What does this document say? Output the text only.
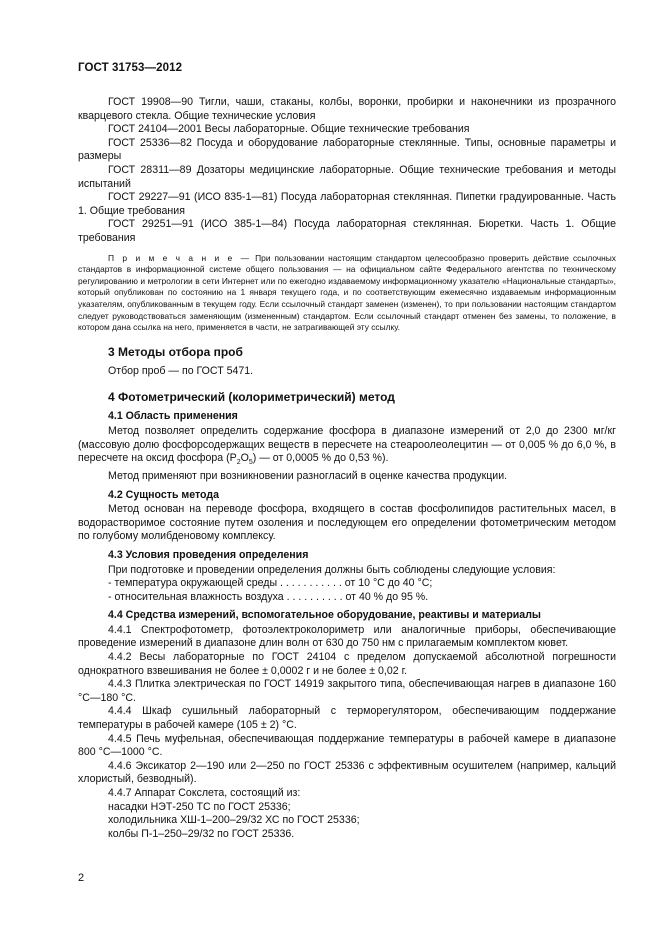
ГОСТ 31753—2012

ГОСТ 19908—90 Тигли, чаши, стаканы, колбы, воронки, пробирки и наконечники из прозрачного кварцевого стекла. Общие технические условия

ГОСТ 24104—2001 Весы лабораторные. Общие технические требования

ГОСТ 25336—82 Посуда и оборудование лабораторные стеклянные. Типы, основные параметры и размеры

ГОСТ 28311—89 Дозаторы медицинские лабораторные. Общие технические требования и методы испытаний

ГОСТ 29227—91 (ИСО 835-1—81) Посуда лабораторная стеклянная. Пипетки градуированные. Часть 1. Общие требования

ГОСТ 29251—91 (ИСО 385-1—84) Посуда лабораторная стеклянная. Бюретки. Часть 1. Общие требования

П р и м е ч а н и е — При пользовании настоящим стандартом целесообразно проверить действие ссылочных стандартов в информационной системе общего пользования — на официальном сайте Федерального агентства по техническому регулированию и метрологии в сети Интернет или по ежегодно издаваемому информационному указателю «Национальные стандарты», который опубликован по состоянию на 1 января текущего года, и по соответствующим ежемесячно издаваемым информационным указателям, опубликованным в текущем году. Если ссылочный стандарт заменен (изменен), то при пользовании настоящим стандартом следует руководствоваться заменяющим (измененным) стандартом. Если ссылочный стандарт отменен без замены, то положение, в котором дана ссылка на него, применяется в части, не затрагивающей эту ссылку.
3 Методы отбора проб
Отбор проб — по ГОСТ 5471.
4 Фотометрический (колориметрический) метод
4.1 Область применения

Метод позволяет определить содержание фосфора в диапазоне измерений от 2,0 до 2300 мг/кг (массовую долю фосфорсодержащих веществ в пересчете на стеароолеолецитин — от 0,005 % до 6,0 %, в пересчете на оксид фосфора $(P_2O_5)$ — от 0,0005 % до 0,53 %).

Метод применяют при возникновении разногласий в оценке качества продукции.

4.2 Сущность метода

Метод основан на переводе фосфора, входящего в состав фосфолипидов растительных масел, в водорастворимое состояние путем озоления и последующем его определении фотометрическим методом по голубому молибденовому комплексу.

4.3 Условия проведения определения

При подготовке и проведении определения должны быть соблюдены следующие условия:

- температура окружающей среды . . . . . . . . . . . от 10 °С до 40 °С;

- относительная влажность воздуха . . . . . . . . . . от 40 % до 95 %.

4.4 Средства измерений, вспомогательное оборудование, реактивы и материалы

4.4.1 Спектрофотометр, фотоэлектроколориметр или аналогичные приборы, обеспечивающие проведение измерений в диапазоне длин волн от 630 до 750 нм с прилагаемым комплектом кювет.

4.4.2 Весы лабораторные по ГОСТ 24104 с пределом допускаемой абсолютной погрешности однократного взвешивания не более ± 0,0002 г и не более ± 0,02 г.

4.4.3 Плитка электрическая по ГОСТ 14919 закрытого типа, обеспечивающая нагрев в диапазоне 160 °С—180 °С.

4.4.4 Шкаф сушильный лабораторный с терморегулятором, обеспечивающим поддержание температуры в рабочей камере (105 ± 2) °С.

4.4.5 Печь муфельная, обеспечивающая поддержание температуры в рабочей камере в диапазоне 800 °С—1000 °С.

4.4.6 Эксикатор 2—190 или 2—250 по ГОСТ 25336 с эффективным осушителем (например, кальций хлористый, безводный).

4.4.7 Аппарат Сокслета, состоящий из:

насадки НЭТ-250 ТС по ГОСТ 25336;

холодильника ХШ-1–200–29/32 ХС по ГОСТ 25336;

колбы П-1–250–29/32 по ГОСТ 25336.

2
